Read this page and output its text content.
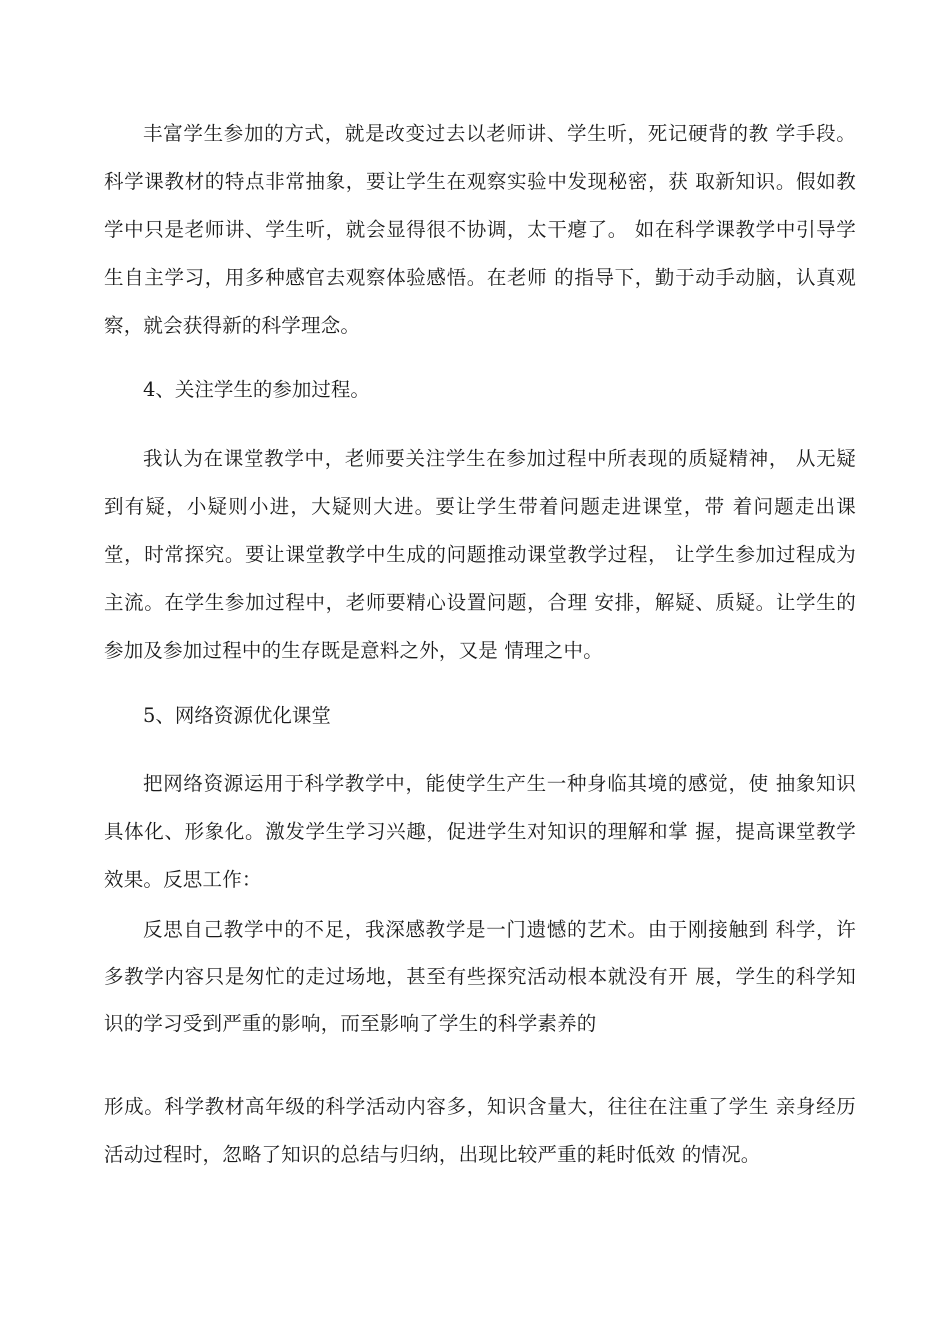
丰富学生参加的方式，就是改变过去以老师讲、学生听，死记硬背的教 学手段。科学课教材的特点非常抽象，要让学生在观察实验中发现秘密，获 取新知识。假如教学中只是老师讲、学生听，就会显得很不协调，太干瘪了。 如在科学课教学中引导学生自主学习，用多种感官去观察体验感悟。在老师 的指导下，勤于动手动脑，认真观察，就会获得新的科学理念。

4、关注学生的参加过程。

我认为在课堂教学中，老师要关注学生在参加过程中所表现的质疑精神， 从无疑到有疑，小疑则小进，大疑则大进。要让学生带着问题走进课堂，带 着问题走出课堂，时常探究。要让课堂教学中生成的问题推动课堂教学过程， 让学生参加过程成为主流。在学生参加过程中，老师要精心设置问题，合理 安排，解疑、质疑。让学生的参加及参加过程中的生存既是意料之外，又是 情理之中。

5、网络资源优化课堂

把网络资源运用于科学教学中，能使学生产生一种身临其境的感觉，使 抽象知识具体化、形象化。激发学生学习兴趣，促进学生对知识的理解和掌 握，提高课堂教学效果。反思工作：

反思自己教学中的不足，我深感教学是一门遗憾的艺术。由于刚接触到 科学，许多教学内容只是匆忙的走过场地，甚至有些探究活动根本就没有开 展，学生的科学知识的学习受到严重的影响，而至影响了学生的科学素养的

形成。科学教材高年级的科学活动内容多，知识含量大，往往在注重了学生 亲身经历活动过程时，忽略了知识的总结与归纳，出现比较严重的耗时低效 的情况。
